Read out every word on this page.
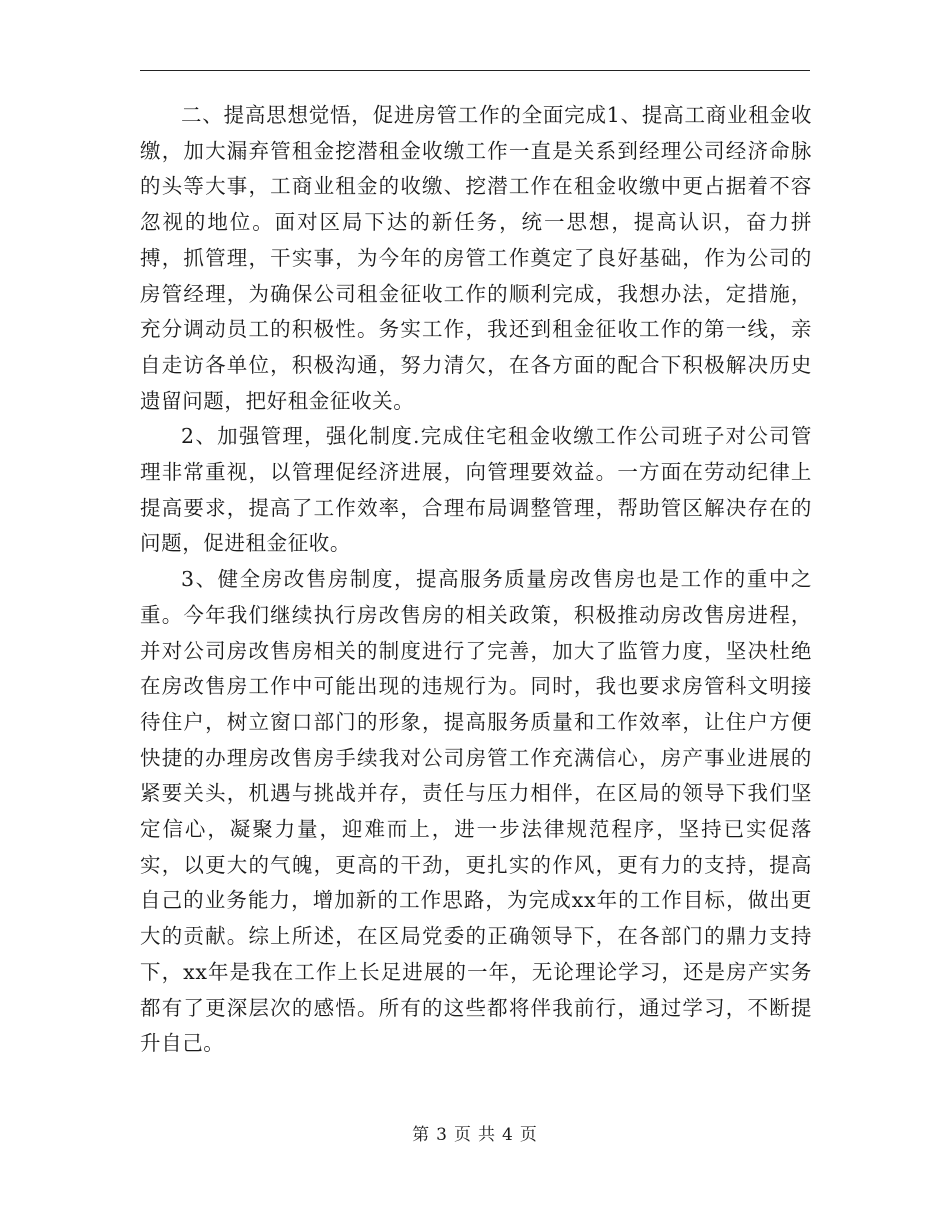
二、提高思想觉悟，促进房管工作的全面完成1、提高工商业租金收缴，加大漏弃管租金挖潜租金收缴工作一直是关系到经理公司经济命脉的头等大事，工商业租金的收缴、挖潜工作在租金收缴中更占据着不容忽视的地位。面对区局下达的新任务，统一思想，提高认识，奋力拼搏，抓管理，干实事，为今年的房管工作奠定了良好基础，作为公司的房管经理，为确保公司租金征收工作的顺利完成，我想办法，定措施，充分调动员工的积极性。务实工作，我还到租金征收工作的第一线，亲自走访各单位，积极沟通，努力清欠，在各方面的配合下积极解决历史遗留问题，把好租金征收关。

2、加强管理，强化制度.完成住宅租金收缴工作公司班子对公司管理非常重视，以管理促经济进展，向管理要效益。一方面在劳动纪律上提高要求，提高了工作效率，合理布局调整管理，帮助管区解决存在的问题，促进租金征收。

3、健全房改售房制度，提高服务质量房改售房也是工作的重中之重。今年我们继续执行房改售房的相关政策，积极推动房改售房进程，并对公司房改售房相关的制度进行了完善，加大了监管力度，坚决杜绝在房改售房工作中可能出现的违规行为。同时，我也要求房管科文明接待住户，树立窗口部门的形象，提高服务质量和工作效率，让住户方便快捷的办理房改售房手续我对公司房管工作充满信心，房产事业进展的紧要关头，机遇与挑战并存，责任与压力相伴，在区局的领导下我们坚定信心，凝聚力量，迎难而上，进一步法律规范程序，坚持已实促落实，以更大的气魄，更高的干劲，更扎实的作风，更有力的支持，提高自己的业务能力，增加新的工作思路，为完成xx年的工作目标，做出更大的贡献。综上所述，在区局党委的正确领导下，在各部门的鼎力支持下，xx年是我在工作上长足进展的一年，无论理论学习，还是房产实务都有了更深层次的感悟。所有的这些都将伴我前行，通过学习，不断提升自己。

第 3 页 共 4 页
